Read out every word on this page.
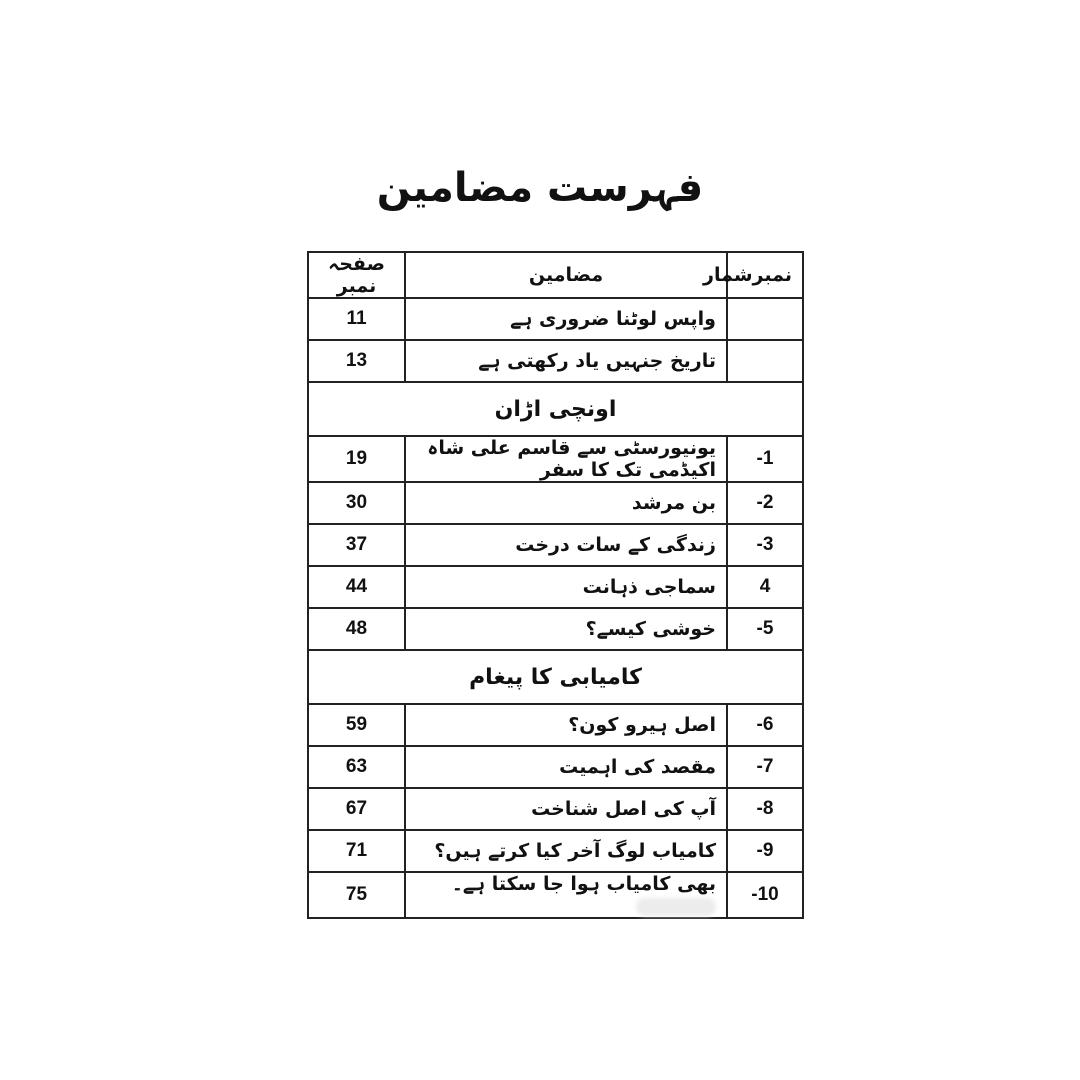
فہرست مضامین
نمبرشمار	مضامین	صفحہ نمبر
	واپس لوٹنا ضروری ہے	11
	تاریخ جنہیں یاد رکھتی ہے	13
اونچی اڑان		
-1	یونیورسٹی سے قاسم علی شاہ اکیڈمی تک کا سفر	19
-2	بن مرشد	30
-3	زندگی کے سات درخت	37
4	سماجی ذہانت	44
-5	خوشی کیسے؟	48
کامیابی کا پیغام		
-6	اصل ہیرو کون؟	59
-7	مقصد کی اہمیت	63
-8	آپ کی اصل شناخت	67
-9	کامیاب لوگ آخر کیا کرتے ہیں؟	71
-10	بھی کامیاب ہوا جا سکتا ہے۔	75
